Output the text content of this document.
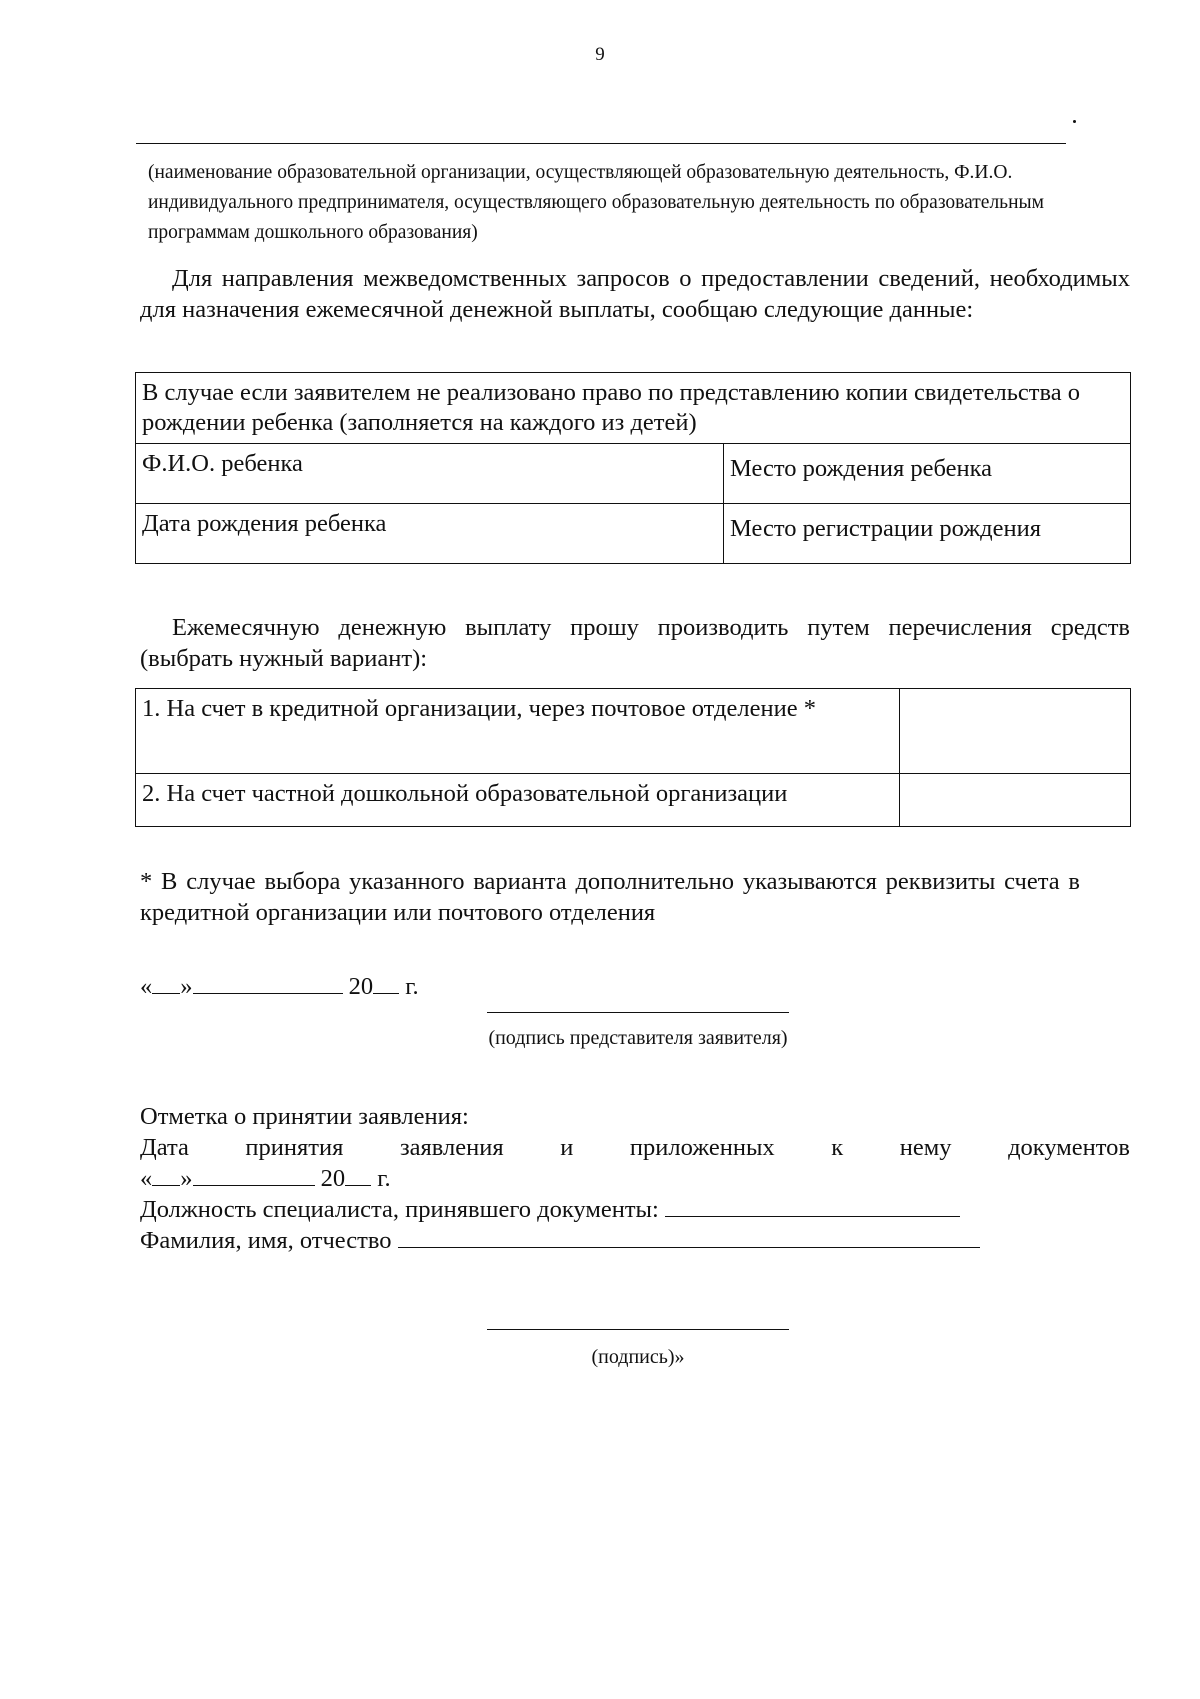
9
(наименование образовательной организации, осуществляющей образовательную деятельность, Ф.И.О. индивидуального предпринимателя, осуществляющего образовательную деятельность по образовательным программам дошкольного образования)
Для направления межведомственных запросов о предоставлении сведений, необходимых для назначения ежемесячной денежной выплаты, сообщаю следующие данные:
В случае если заявителем не реализовано право по представлению копии свидетельства о рождении ребенка (заполняется на каждого из детей)	
Ф.И.О. ребенка	Место рождения ребенка
Дата рождения ребенка	Место регистрации рождения
Ежемесячную денежную выплату прошу производить путем перечисления средств (выбрать нужный вариант):
1. На счет в кредитной организации, через почтовое отделение *	
2. На счет частной дошкольной образовательной организации	
* В случае выбора указанного варианта дополнительно указываются реквизиты счета в кредитной организации или почтового отделения
« »	20 г.
(подпись представителя заявителя)
Отметка о принятии заявления:
Дата принятия заявления и приложенных к нему документов
« »	20 г.
Должность специалиста, принявшего документы:
Фамилия, имя, отчество
(подпись)»
